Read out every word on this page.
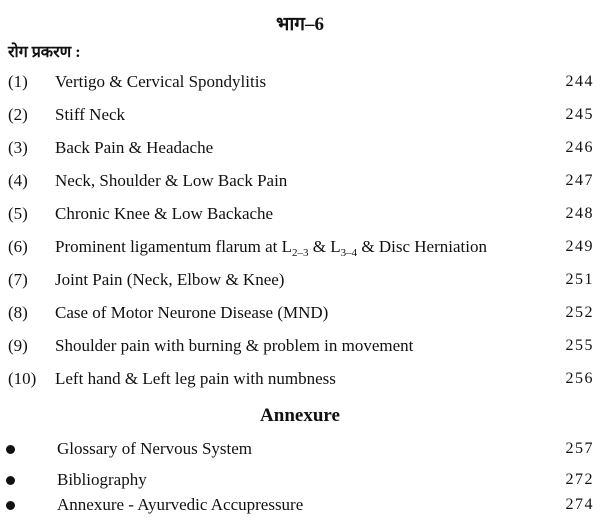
भाग–6
रोग प्रकरण :
(1) Vertigo & Cervical Spondylitis	244
(2) Stiff Neck	245
(3) Back Pain & Headache	246
(4) Neck, Shoulder & Low Back Pain	247
(5) Chronic Knee & Low Backache	248
(6) Prominent ligamentum flarum at $L_{2-3}$ & $L_{3-4}$ & Disc Herniation	249
(7) Joint Pain (Neck, Elbow & Knee)	251
(8) Case of Motor Neurone Disease (MND)	252
(9) Shoulder pain with burning & problem in movement	255
(10) Left hand & Left leg pain with numbness	256
Annexure
Glossary of Nervous System	257
Bibliography	272
Annexure - Ayurvedic Accupressure	274
